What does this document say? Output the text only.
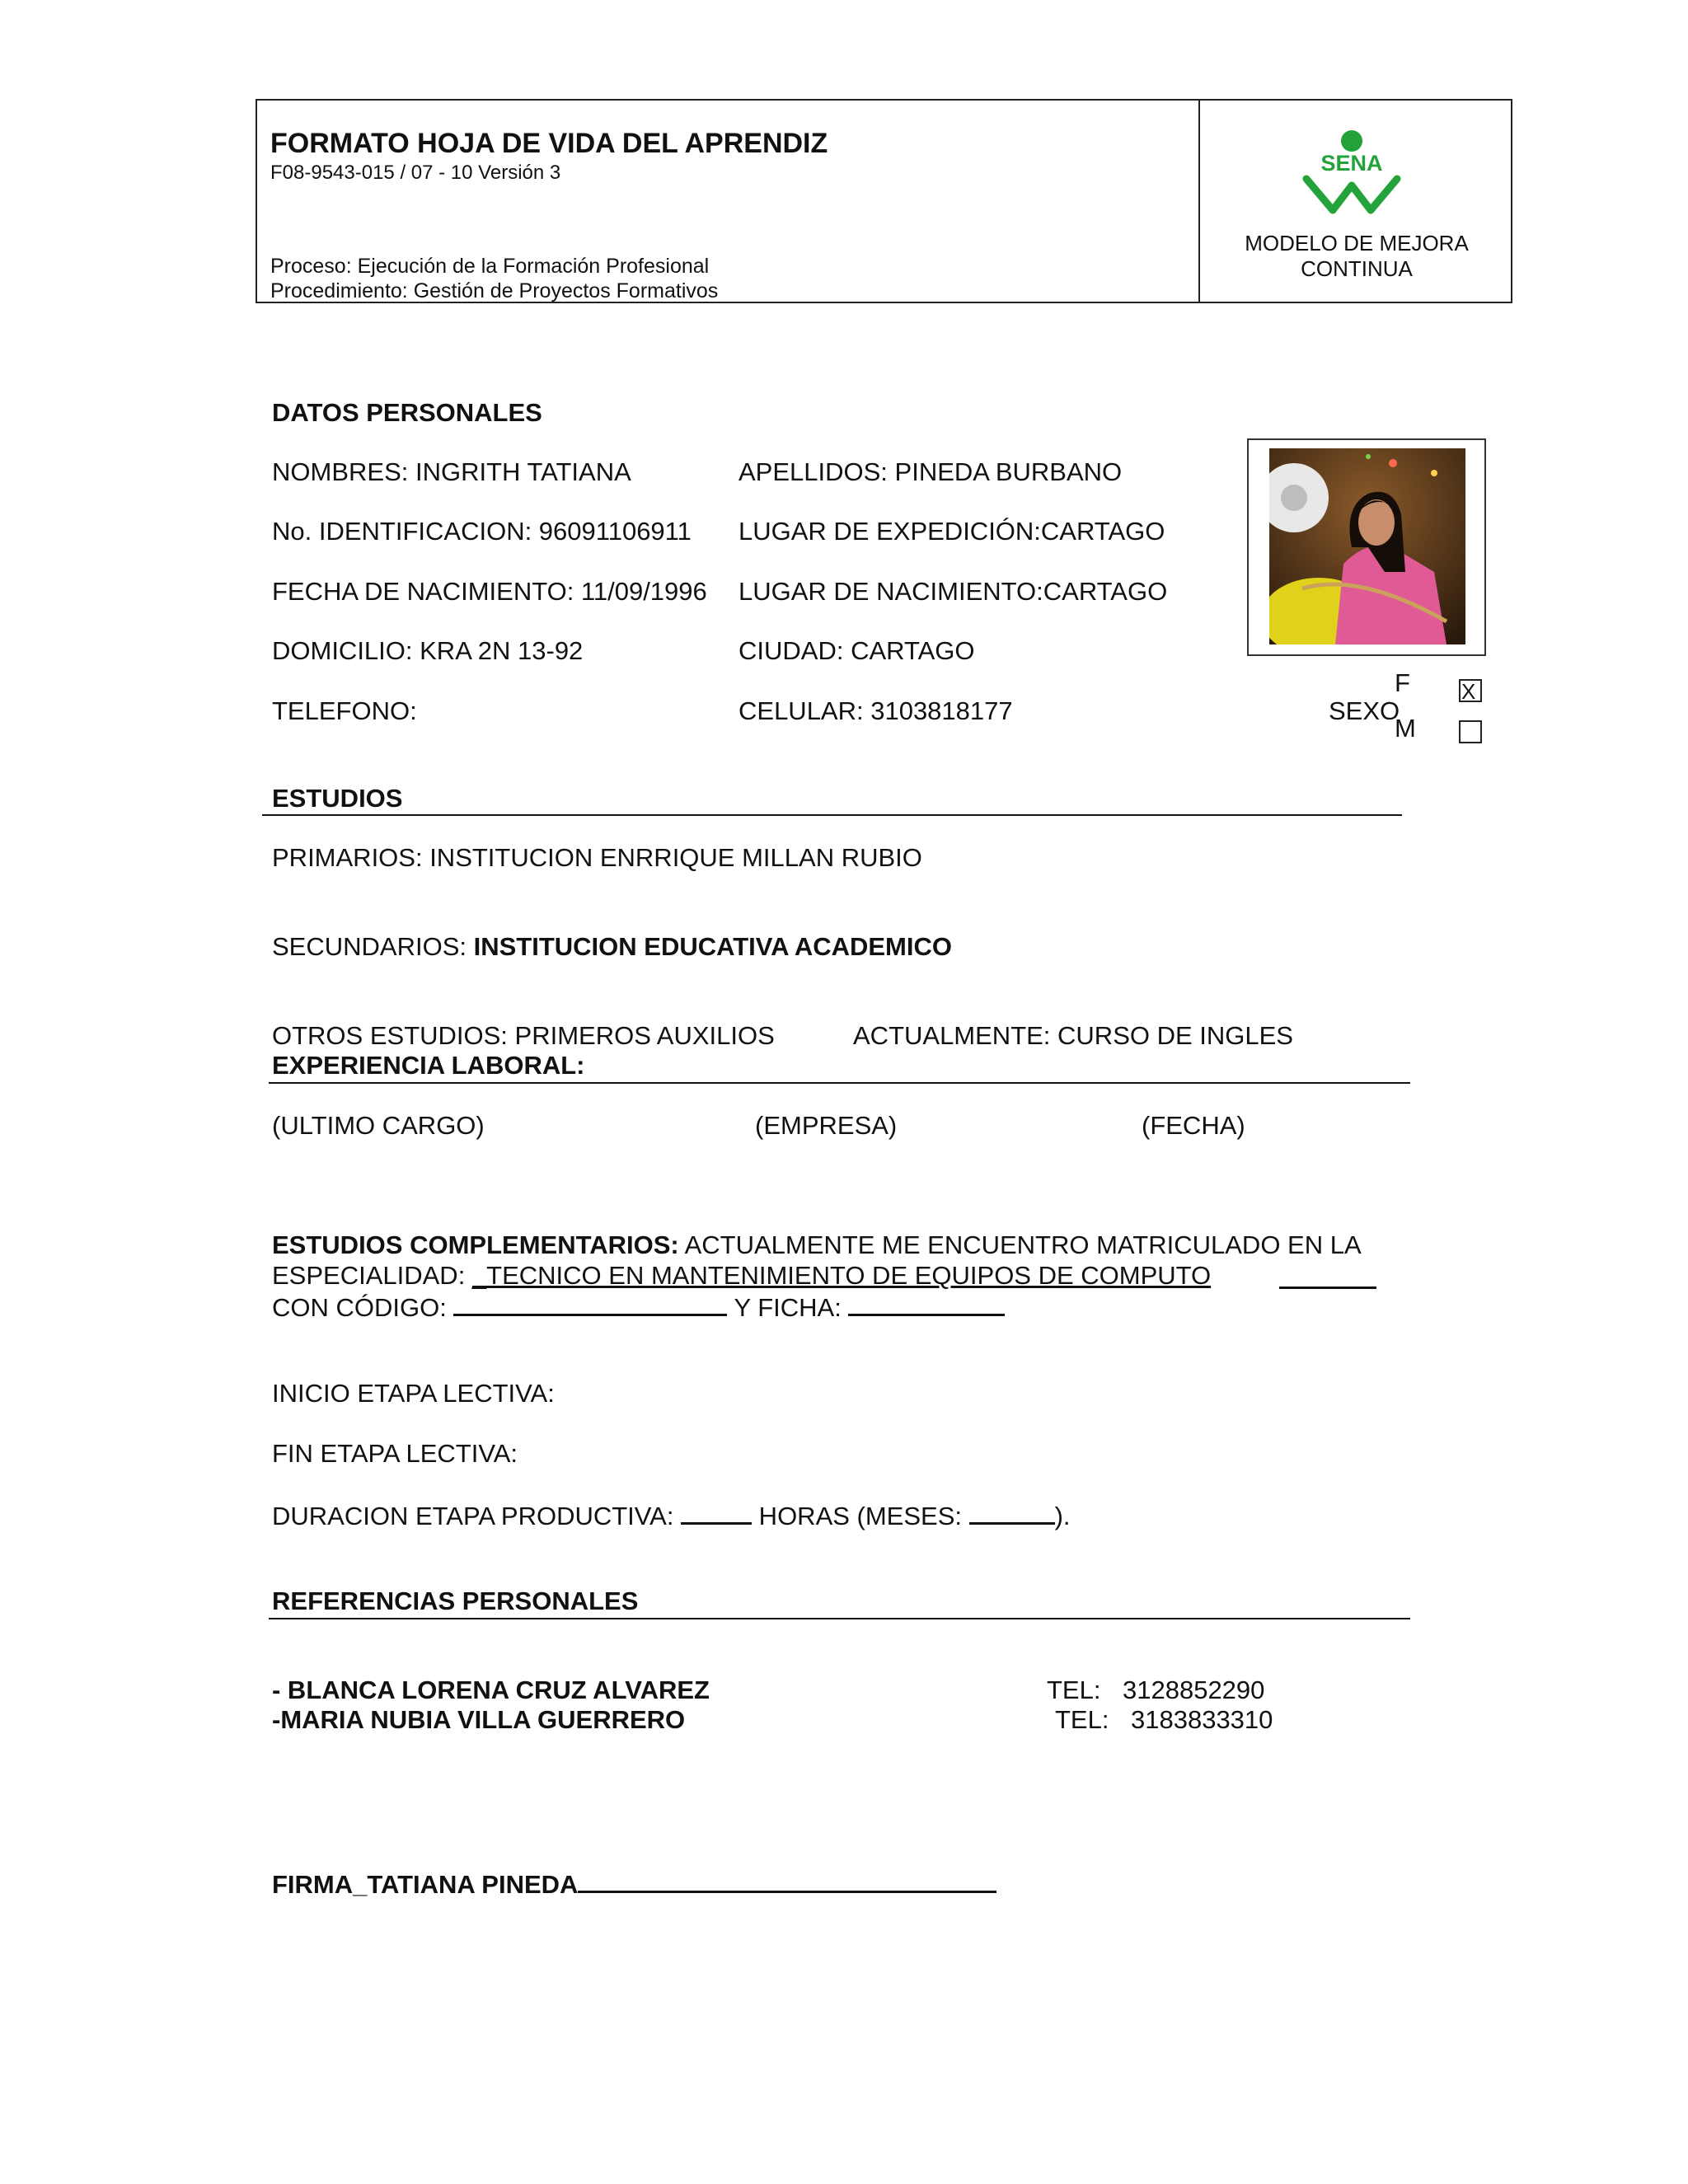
FORMATO HOJA DE VIDA DEL APRENDIZ
F08-9543-015 / 07 - 10 Versión 3
Proceso: Ejecución de la Formación Profesional
Procedimiento: Gestión de Proyectos Formativos
SENA
MODELO DE MEJORA
CONTINUA
DATOS PERSONALES
NOMBRES: INGRITH TATIANA	APELLIDOS: PINEDA BURBANO
No. IDENTIFICACION: 96091106911 LUGAR DE EXPEDICIÓN:CARTAGO
FECHA DE NACIMIENTO: 11/09/1996 LUGAR DE NACIMIENTO:CARTAGO
DOMICILIO: KRA 2N 13-92	CIUDAD: CARTAGO
TELEFONO:	CELULAR: 3103818177	SEXO
F
M
X
ESTUDIOS
PRIMARIOS: INSTITUCION ENRRIQUE MILLAN RUBIO
SECUNDARIOS: INSTITUCION EDUCATIVA ACADEMICO
OTROS ESTUDIOS: PRIMEROS AUXILIOS	ACTUALMENTE: CURSO DE INGLES
EXPERIENCIA LABORAL:
(ULTIMO CARGO)	(EMPRESA)	(FECHA)
ESTUDIOS COMPLEMENTARIOS: ACTUALMENTE ME ENCUENTRO MATRICULADO EN LA
ESPECIALIDAD: _TECNICO EN MANTENIMIENTO DE EQUIPOS DE COMPUTO
CON CÓDIGO:	Y FICHA:
INICIO ETAPA LECTIVA:
FIN ETAPA LECTIVA:
DURACION ETAPA PRODUCTIVA:	HORAS (MESES:	).
REFERENCIAS PERSONALES
- BLANCA LORENA CRUZ ALVAREZ	TEL: 3128852290
-MARIA NUBIA VILLA GUERRERO	TEL: 3183833310
FIRMA_TATIANA PINEDA
